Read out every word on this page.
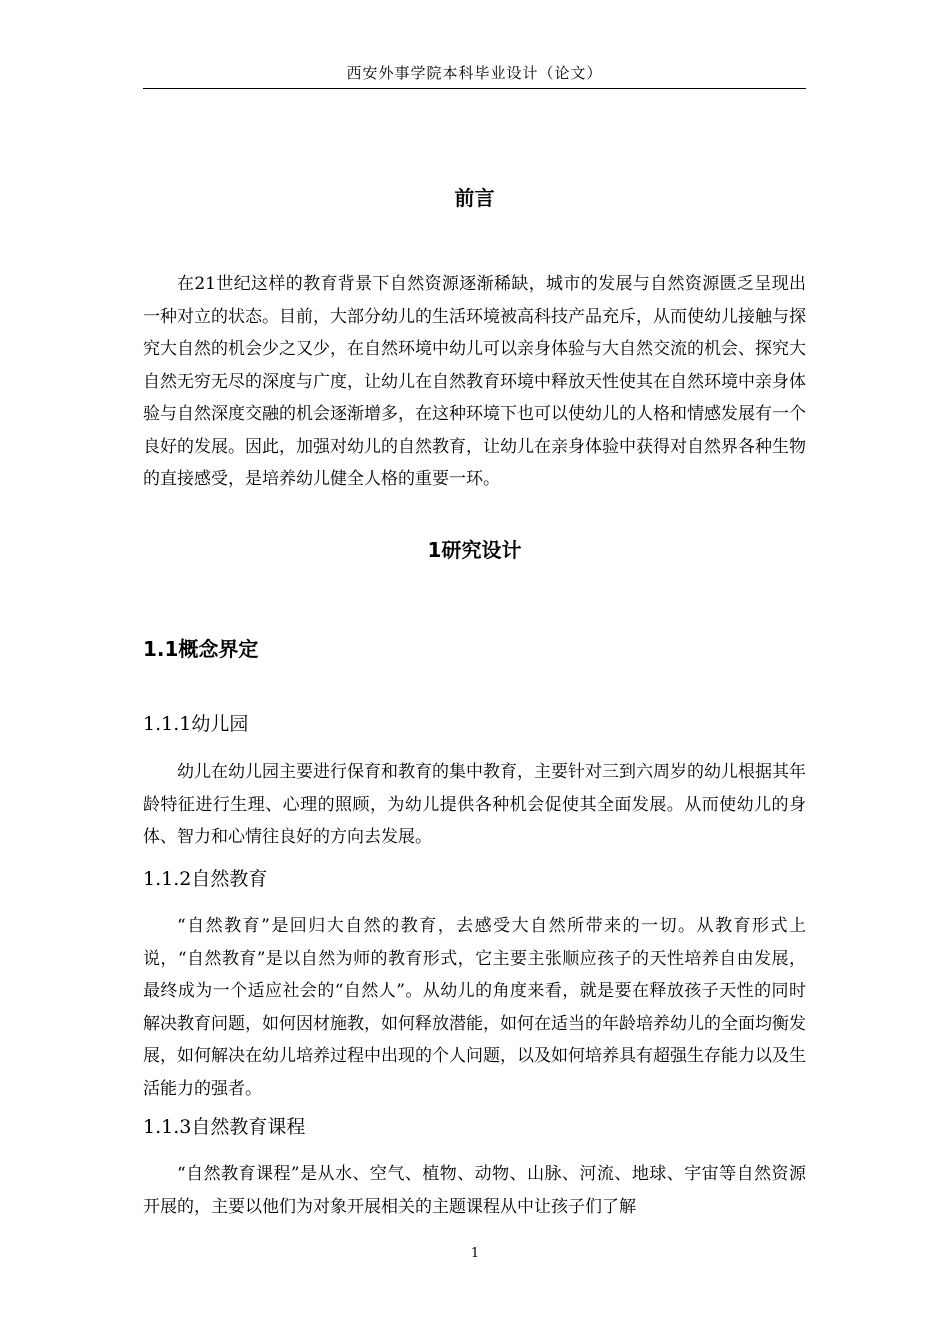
西安外事学院本科毕业设计（论文）
前言

在21世纪这样的教育背景下自然资源逐渐稀缺，城市的发展与自然资源匮乏呈现出一种对立的状态。目前，大部分幼儿的生活环境被高科技产品充斥，从而使幼儿接触与探究大自然的机会少之又少，在自然环境中幼儿可以亲身体验与大自然交流的机会、探究大自然无穷无尽的深度与广度，让幼儿在自然教育环境中释放天性使其在自然环境中亲身体验与自然深度交融的机会逐渐增多，在这种环境下也可以使幼儿的人格和情感发展有一个良好的发展。因此，加强对幼儿的自然教育，让幼儿在亲身体验中获得对自然界各种生物的直接感受，是培养幼儿健全人格的重要一环。

1研究设计
1.1概念界定
1.1.1幼儿园

幼儿在幼儿园主要进行保育和教育的集中教育，主要针对三到六周岁的幼儿根据其年龄特征进行生理、心理的照顾，为幼儿提供各种机会促使其全面发展。从而使幼儿的身体、智力和心情往良好的方向去发展。

1.1.2自然教育

“自然教育”是回归大自然的教育，去感受大自然所带来的一切。从教育形式上说，“自然教育”是以自然为师的教育形式，它主要主张顺应孩子的天性培养自由发展，最终成为一个适应社会的“自然人”。从幼儿的角度来看，就是要在释放孩子天性的同时解决教育问题，如何因材施教，如何释放潜能，如何在适当的年龄培养幼儿的全面均衡发展，如何解决在幼儿培养过程中出现的个人问题，以及如何培养具有超强生存能力以及生活能力的强者。

1.1.3自然教育课程

“自然教育课程”是从水、空气、植物、动物、山脉、河流、地球、宇宙等自然资源开展的，主要以他们为对象开展相关的主题课程从中让孩子们了解

1
